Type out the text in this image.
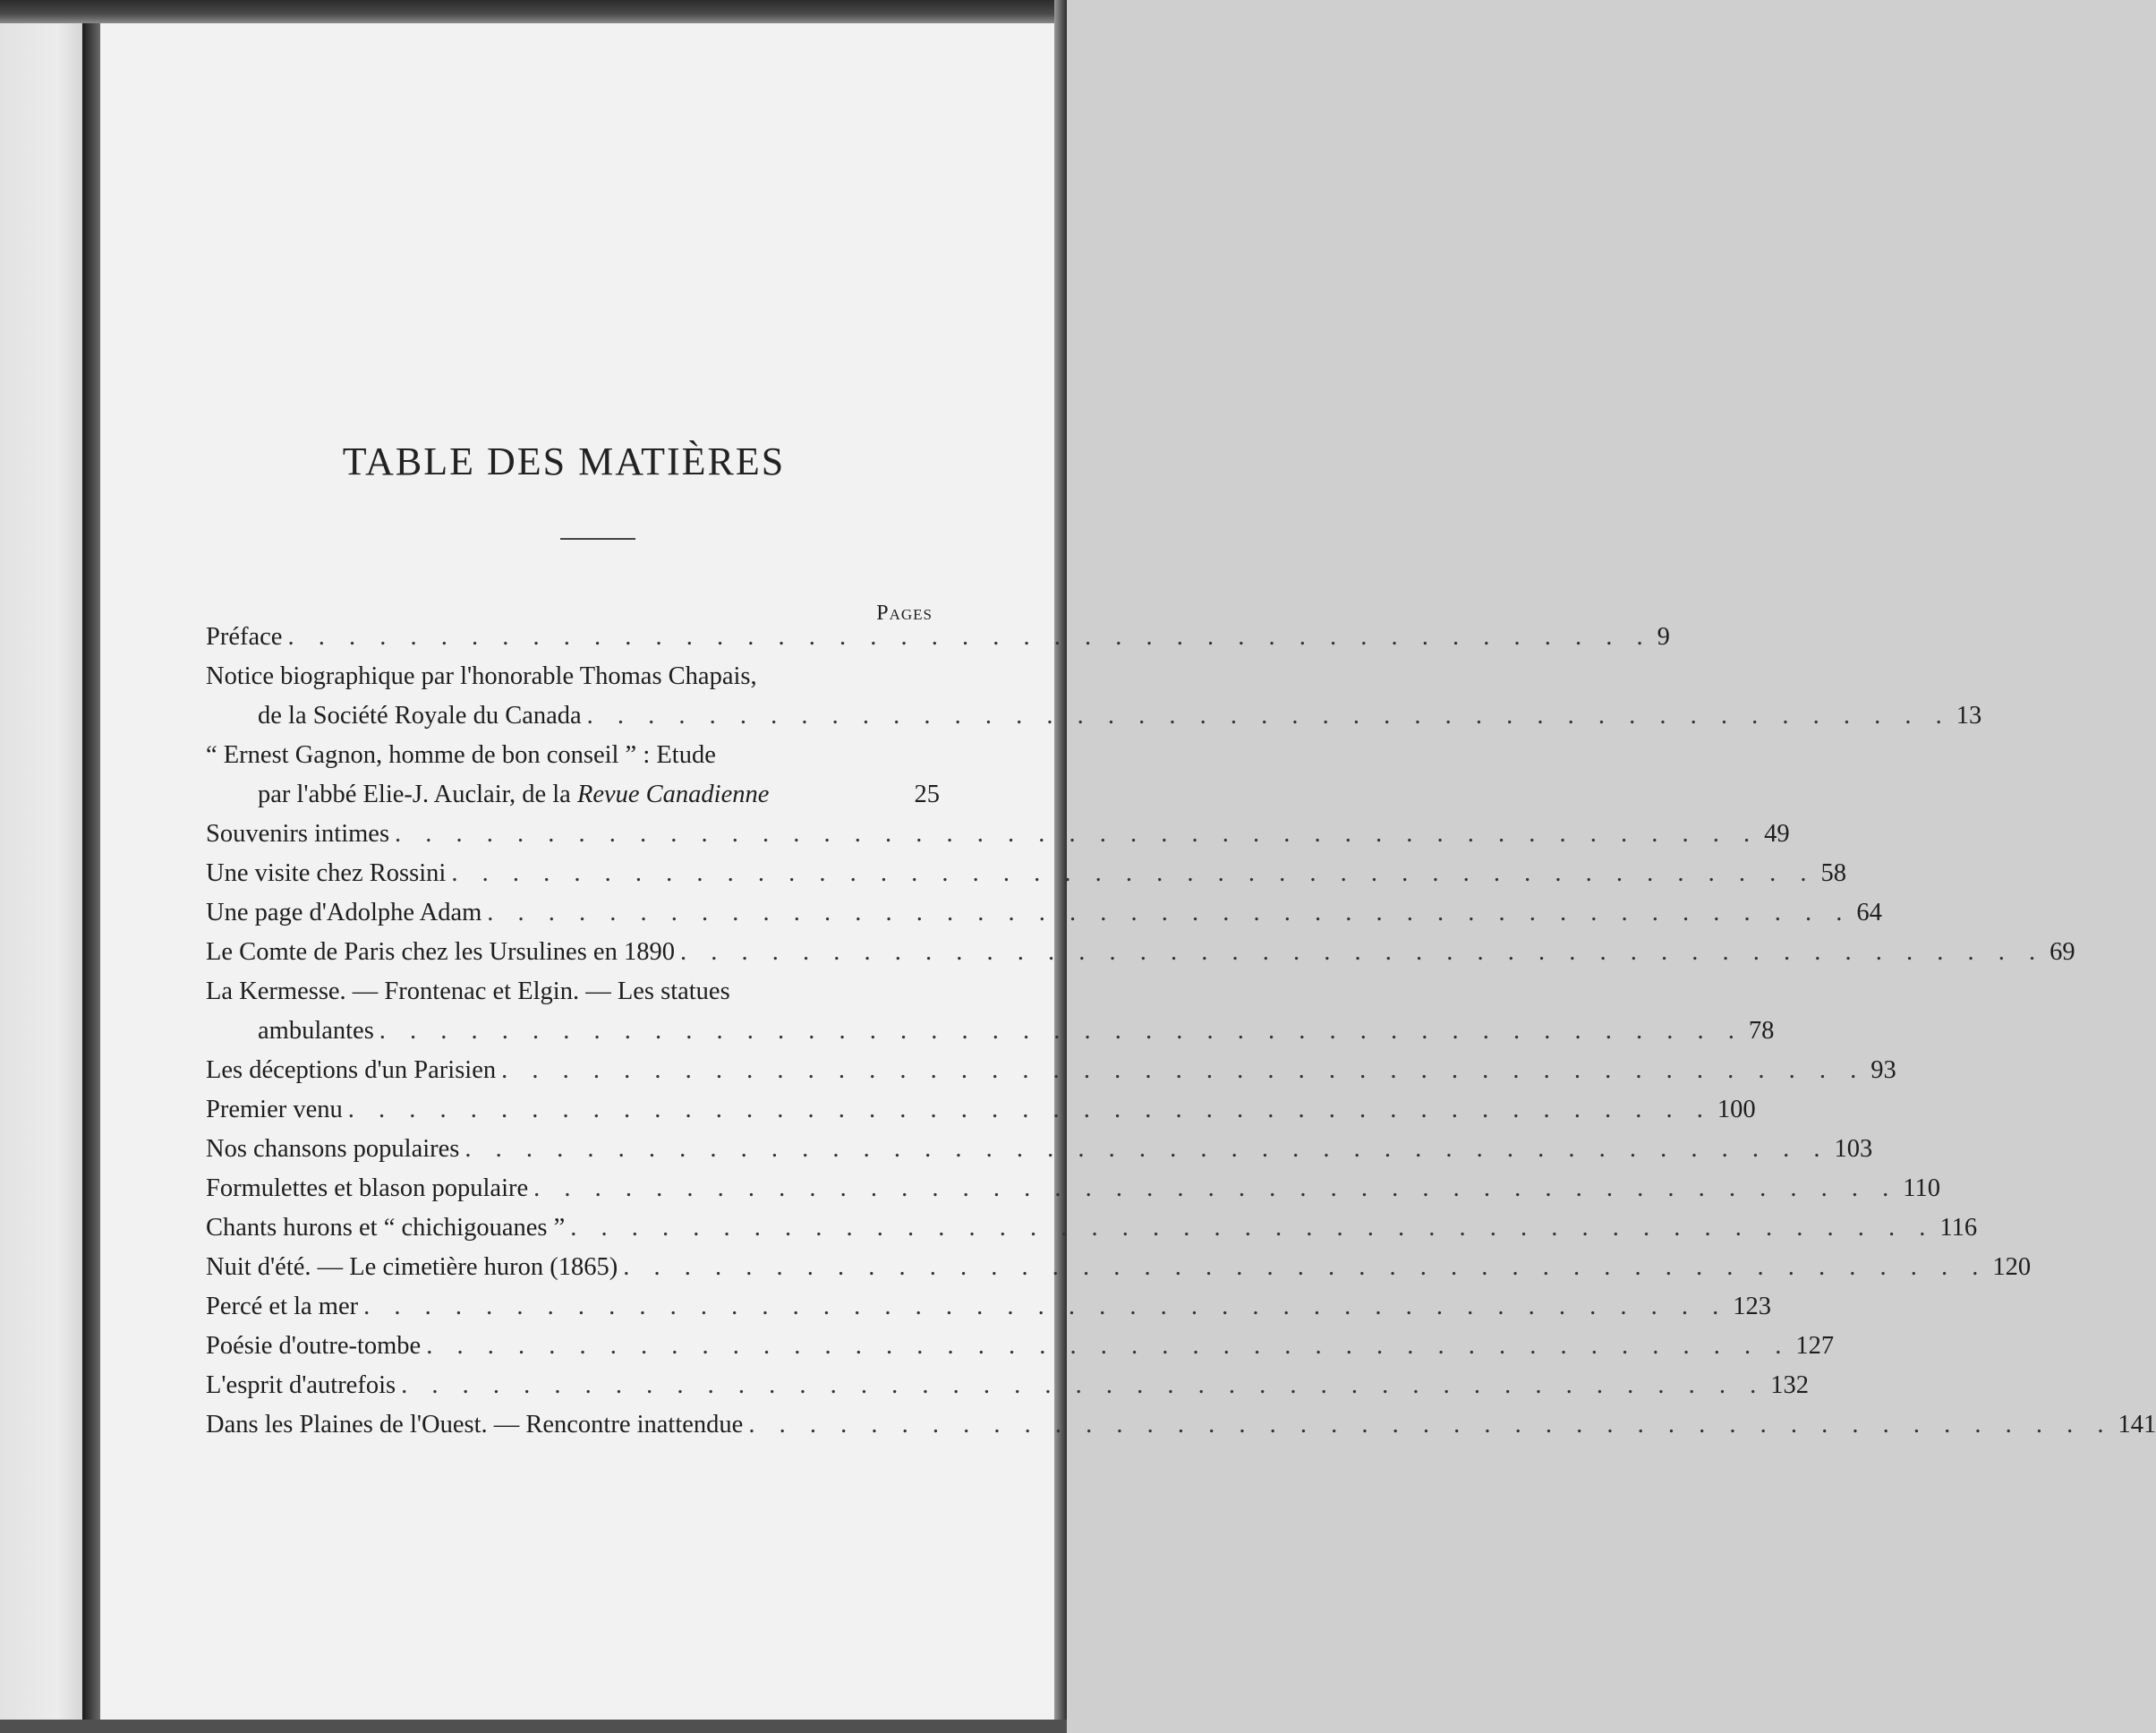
TABLE DES MATIÈRES
Pages
Préface . . . . . . . . . . . . . . . . . . . . . . . . . . . . . . . . . . . . . . . . . . . . . 9
Notice biographique par l'honorable Thomas Chapais,
de la Société Royale du Canada . . . . . . . . . . . . . . . . . . . . . . . . . . . . . . . . . . . . . . . . . . . . . 13
“ Ernest Gagnon, homme de bon conseil ” : Etude
par l'abbé Elie-J. Auclair, de la Revue Canadienne	25
Souvenirs intimes . . . . . . . . . . . . . . . . . . . . . . . . . . . . . . . . . . . . . . . . . . . . . 49
Une visite chez Rossini . . . . . . . . . . . . . . . . . . . . . . . . . . . . . . . . . . . . . . . . . . . . . 58
Une page d'Adolphe Adam . . . . . . . . . . . . . . . . . . . . . . . . . . . . . . . . . . . . . . . . . . . . . 64
Le Comte de Paris chez les Ursulines en 1890 . . . . . . . . . . . . . . . . . . . . . . . . . . . . . . . . . . . . . . . . . . . . . 69
La Kermesse. — Frontenac et Elgin. — Les statues
ambulantes . . . . . . . . . . . . . . . . . . . . . . . . . . . . . . . . . . . . . . . . . . . . . 78
Les déceptions d'un Parisien . . . . . . . . . . . . . . . . . . . . . . . . . . . . . . . . . . . . . . . . . . . . . 93
Premier venu . . . . . . . . . . . . . . . . . . . . . . . . . . . . . . . . . . . . . . . . . . . . . 100
Nos chansons populaires . . . . . . . . . . . . . . . . . . . . . . . . . . . . . . . . . . . . . . . . . . . . . 103
Formulettes et blason populaire . . . . . . . . . . . . . . . . . . . . . . . . . . . . . . . . . . . . . . . . . . . . . 110
Chants hurons et “ chichigouanes ” . . . . . . . . . . . . . . . . . . . . . . . . . . . . . . . . . . . . . . . . . . . . . 116
Nuit d'été. — Le cimetière huron (1865) . . . . . . . . . . . . . . . . . . . . . . . . . . . . . . . . . . . . . . . . . . . . . 120
Percé et la mer . . . . . . . . . . . . . . . . . . . . . . . . . . . . . . . . . . . . . . . . . . . . . 123
Poésie d'outre-tombe . . . . . . . . . . . . . . . . . . . . . . . . . . . . . . . . . . . . . . . . . . . . . 127
L'esprit d'autrefois . . . . . . . . . . . . . . . . . . . . . . . . . . . . . . . . . . . . . . . . . . . . . 132
Dans les Plaines de l'Ouest. — Rencontre inattendue . . . . . . . . . . . . . . . . . . . . . . . . . . . . . . . . . . . . . . . . . . . . . 141
